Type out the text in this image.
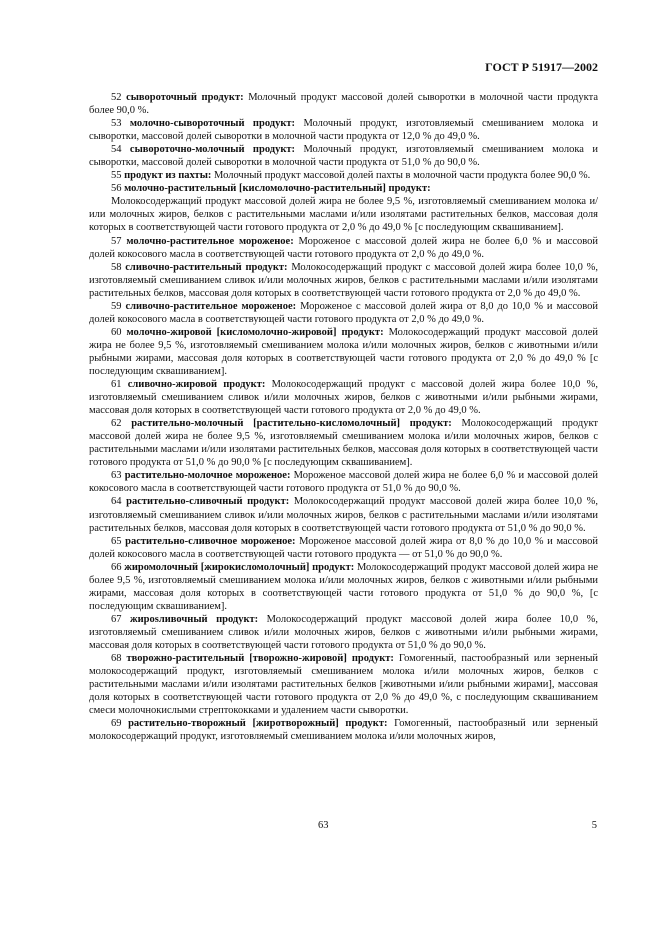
ГОСТ Р 51917—2002

52 сывороточный продукт: Молочный продукт массовой долей сыворотки в молочной части продукта более 90,0 %.

53 молочно-сывороточный продукт: Молочный продукт, изготовляемый смешиванием молока и сыворотки, массовой долей сыворотки в молочной части продукта от 12,0 % до 49,0 %.

54 сывороточно-молочный продукт: Молочный продукт, изготовляемый смешиванием молока и сыворотки, массовой долей сыворотки в молочной части продукта от 51,0 % до 90,0 %.

55 продукт из пахты: Молочный продукт массовой долей пахты в молочной части продукта более 90,0 %.

56 молочно-растительный [кисломолочно-растительный] продукт:

Молокосодержащий продукт массовой долей жира не более 9,5 %, изготовляемый смешиванием молока и/или молочных жиров, белков с растительными маслами и/или изолятами растительных белков, массовая доля которых в соответствующей части готового продукта от 2,0 % до 49,0 % [с последующим сквашиванием].

57 молочно-растительное мороженое: Мороженое с массовой долей жира не более 6,0 % и массовой долей кокосового масла в соответствующей части готового продукта от 2,0 % до 49,0 %.

58 сливочно-растительный продукт: Молокосодержащий продукт с массовой долей жира более 10,0 %, изготовляемый смешиванием сливок и/или молочных жиров, белков с растительными маслами и/или изолятами растительных белков, массовая доля которых в соответствующей части готового продукта от 2,0 % до 49,0 %.

59 сливочно-растительное мороженое: Мороженое с массовой долей жира от 8,0 до 10,0 % и массовой долей кокосового масла в соответствующей части готового продукта от 2,0 % до 49,0 %.

60 молочно-жировой [кисломолочно-жировой] продукт: Молокосодержащий продукт массовой долей жира не более 9,5 %, изготовляемый смешиванием молока и/или молочных жиров, белков с животными и/или рыбными жирами, массовая доля которых в соответствующей части готового продукта от 2,0 % до 49,0 % [с последующим сквашиванием].

61 сливочно-жировой продукт: Молокосодержащий продукт с массовой долей жира более 10,0 %, изготовляемый смешиванием сливок и/или молочных жиров, белков с животными и/или рыбными жирами, массовая доля которых в соответствующей части готового продукта от 2,0 % до 49,0 %.

62 растительно-молочный [растительно-кисломолочный] продукт: Молокосодержащий продукт массовой долей жира не более 9,5 %, изготовляемый смешиванием молока и/или молочных жиров, белков с растительными маслами и/или изолятами растительных белков, массовая доля которых в соответствующей части готового продукта от 51,0 % до 90,0 % [с последующим сквашиванием].

63 растительно-молочное мороженое: Мороженое массовой долей жира не более 6,0 % и массовой долей кокосового масла в соответствующей части готового продукта от 51,0 % до 90,0 %.

64 растительно-сливочный продукт: Молокосодержащий продукт массовой долей жира более 10,0 %, изготовляемый смешиванием сливок и/или молочных жиров, белков с растительными маслами и/или изолятами растительных белков, массовая доля которых в соответствующей части готового продукта от 51,0 % до 90,0 %.

65 растительно-сливочное мороженое: Мороженое массовой долей жира от 8,0 % до 10,0 % и массовой долей кокосового масла в соответствующей части готового продукта — от 51,0 % до 90,0 %.

66 жиромолочный [жирокисломолочный] продукт: Молокосодержащий продукт массовой долей жира не более 9,5 %, изготовляемый смешиванием молока и/или молочных жиров, белков с животными и/или рыбными жирами, массовая доля которых в соответствующей части готового продукта от 51,0 % до 90,0 %, [с последующим сквашиванием].

67 жирosливочный продукт: Молокосодержащий продукт массовой долей жира более 10,0 %, изготовляемый смешиванием сливок и/или молочных жиров, белков с животными и/или рыбными жирами, массовая доля которых в соответствующей части готового продукта от 51,0 % до 90,0 %.

68 творожно-растительный [творожно-жировой] продукт: Гомогенный, пастообразный или зерненый молокосодержащий продукт, изготовляемый смешиванием молока и/или молочных жиров, белков с растительными маслами и/или изолятами растительных белков [животными и/или рыбными жирами], массовая доля которых в соответствующей части готового продукта от 2,0 % до 49,0 %, с последующим сквашиванием смеси молочнокислыми стрептококками и удалением части сыворотки.

69 растительно-творожный [жиротворожный] продукт: Гомогенный, пастообразный или зерненый молокосодержащий продукт, изготовляемый смешиванием молока и/или молочных жиров,

63	5
